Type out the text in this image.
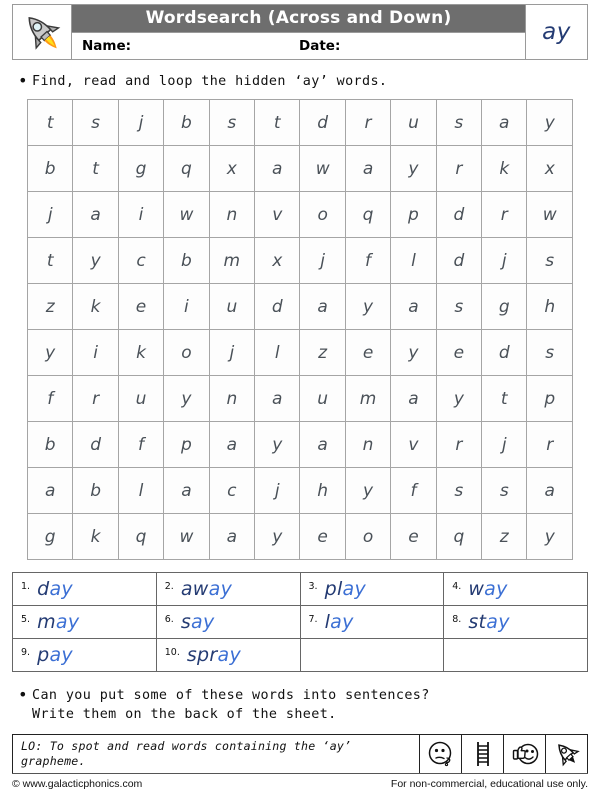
Wordsearch (Across and Down)
Name:	Date:
ay
• Find, read and loop the hidden ‘ay’ words.
t	s	j	b	s	t	d	r	u	s	a	y
b	t	g	q	x	a	w	a	y	r	k	x
j	a	i	w	n	v	o	q	p	d	r	w
t	y	c	b	m	x	j	f	l	d	j	s
z	k	e	i	u	d	a	y	a	s	g	h
y	i	k	o	j	l	z	e	y	e	d	s
f	r	u	y	n	a	u	m	a	y	t	p
b	d	f	p	a	y	a	n	v	r	j	r
a	b	l	a	c	j	h	y	f	s	s	a
g	k	q	w	a	y	e	o	e	q	z	y
$^{1.}$ day	$^{2.}$ away	$^{3.}$ play	$^{4.}$ way
$^{5.}$ may	$^{6.}$ say	$^{7.}$ lay	$^{8.}$ stay
$^{9.}$ pay	$^{10.}$ spray		
• Can you put some of these words into sentences?
Write them on the back of the sheet.
LO: To spot and read words containing the ‘ay’ grapheme.
© www.galacticphonics.com	For non-commercial, educational use only.
